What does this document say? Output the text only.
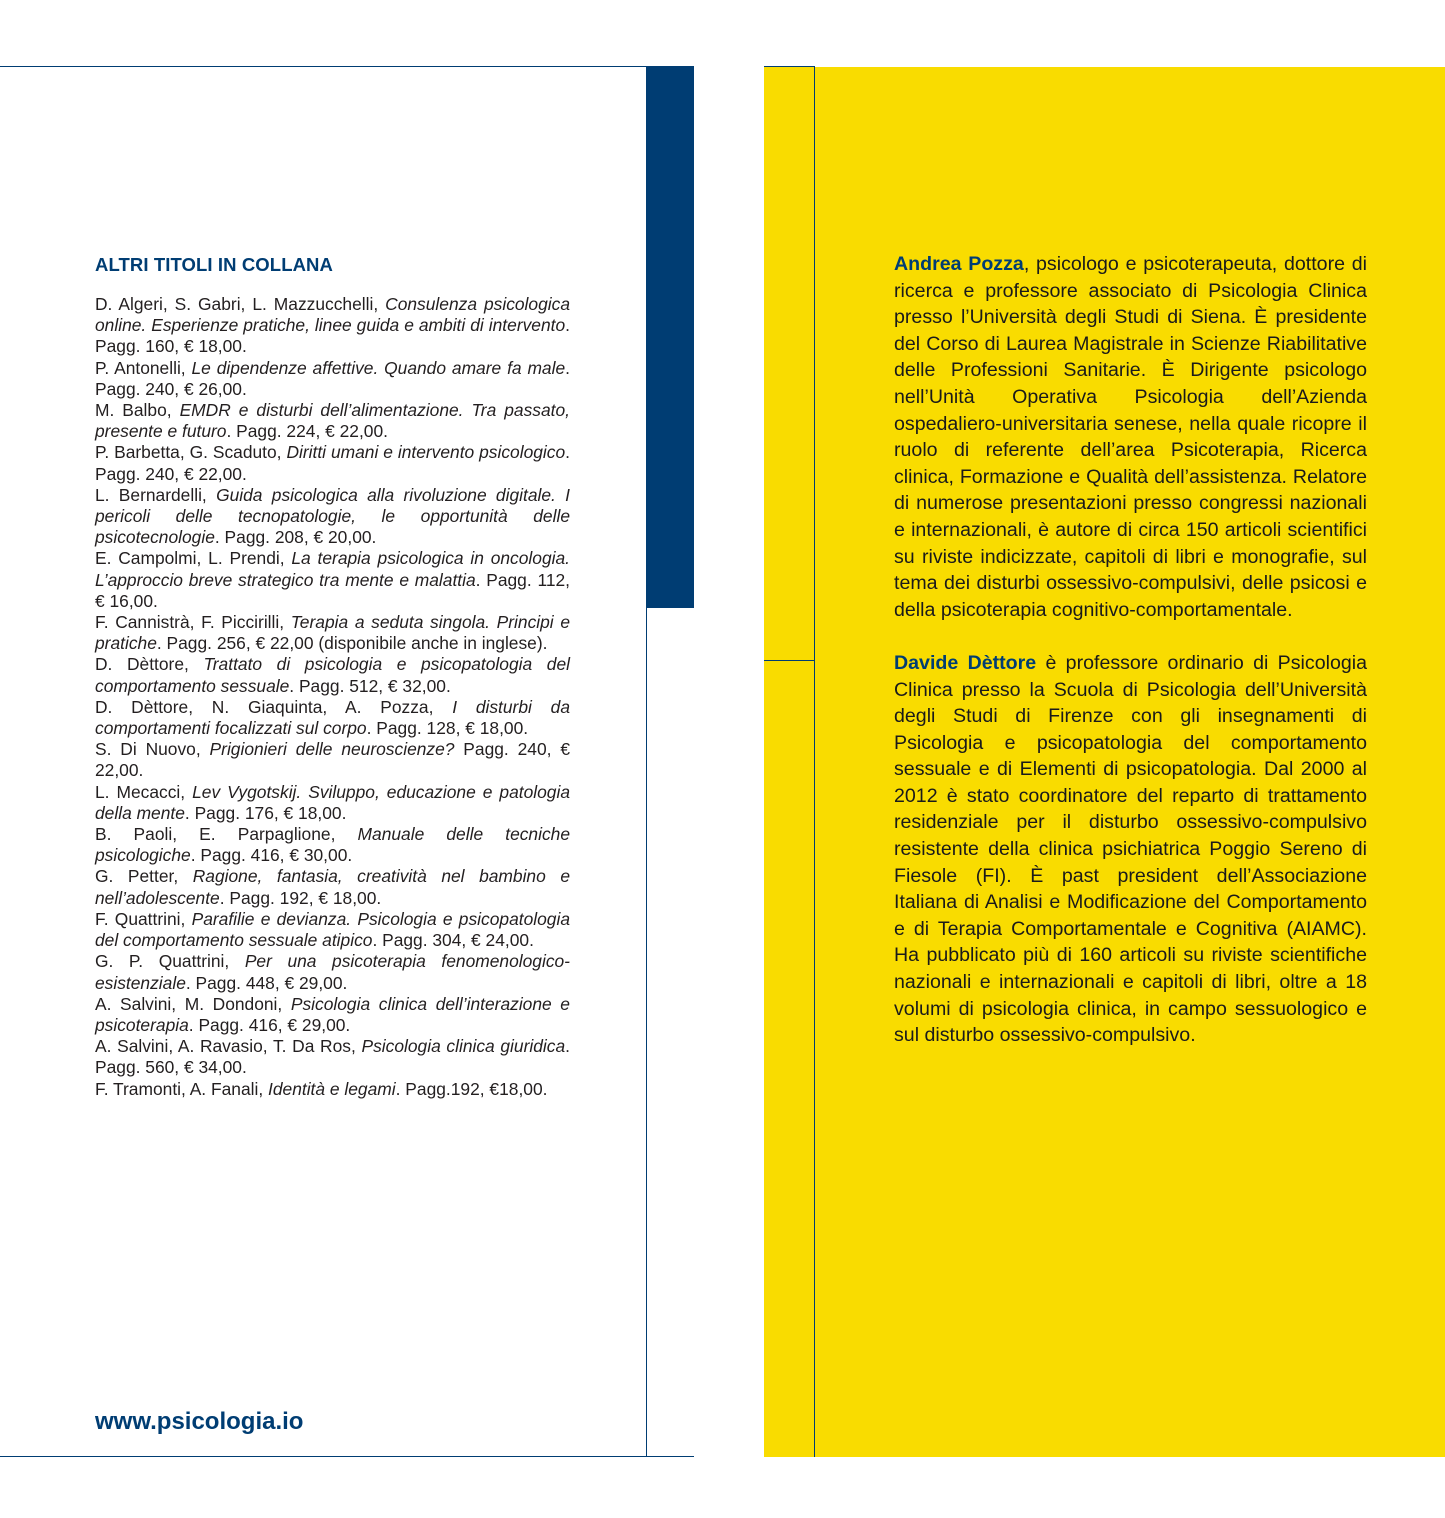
ALTRI TITOLI IN COLLANA

D. Algeri, S. Gabri, L. Mazzucchelli, Consulenza psicologica online. Esperienze pratiche, linee guida e ambiti di intervento. Pagg. 160, € 18,00.

P. Antonelli, Le dipendenze affettive. Quando amare fa male. Pagg. 240, € 26,00.

M. Balbo, EMDR e disturbi dell’alimentazione. Tra passato, presente e futuro. Pagg. 224, € 22,00.

P. Barbetta, G. Scaduto, Diritti umani e intervento psicologico. Pagg. 240, € 22,00.

L. Bernardelli, Guida psicologica alla rivoluzione digitale. I pericoli delle tecnopatologie, le opportunità delle psicotecnologie. Pagg. 208, € 20,00.

E. Campolmi, L. Prendi, La terapia psicologica in oncologia. L’approccio breve strategico tra mente e malattia. Pagg. 112, € 16,00.

F. Cannistrà, F. Piccirilli, Terapia a seduta singola. Principi e pratiche. Pagg. 256, € 22,00 (disponibile anche in inglese).

D. Dèttore, Trattato di psicologia e psicopatologia del comportamento sessuale. Pagg. 512, € 32,00.

D. Dèttore, N. Giaquinta, A. Pozza, I disturbi da comportamenti focalizzati sul corpo. Pagg. 128, € 18,00.

S. Di Nuovo, Prigionieri delle neuroscienze? Pagg. 240, € 22,00.

L. Mecacci, Lev Vygotskij. Sviluppo, educazione e patologia della mente. Pagg. 176, € 18,00.

B. Paoli, E. Parpaglione, Manuale delle tecniche psicologiche. Pagg. 416, € 30,00.

G. Petter, Ragione, fantasia, creatività nel bambino e nell’adolescente. Pagg. 192, € 18,00.

F. Quattrini, Parafilie e devianza. Psicologia e psicopatologia del comportamento sessuale atipico. Pagg. 304, € 24,00.

G. P. Quattrini, Per una psicoterapia fenomenologico-esistenziale. Pagg. 448, € 29,00.

A. Salvini, M. Dondoni, Psicologia clinica dell’interazione e psicoterapia. Pagg. 416, € 29,00.

A. Salvini, A. Ravasio, T. Da Ros, Psicologia clinica giuridica. Pagg. 560, € 34,00.

F. Tramonti, A. Fanali, Identità e legami. Pagg.192, €18,00.

www.psicologia.io

Andrea Pozza, psicologo e psicoterapeuta, dottore di ricerca e professore associato di Psicologia Clinica presso l’Università degli Studi di Siena. È presidente del Corso di Laurea Magistrale in Scienze Riabilitative delle Professioni Sanitarie. È Dirigente psicologo nell’Unità Operativa Psicologia dell’Azienda ospedaliero-universitaria senese, nella quale ricopre il ruolo di referente dell’area Psicoterapia, Ricerca clinica, Formazione e Qualità dell’assistenza. Relatore di numerose presentazioni presso congressi nazionali e internazionali, è autore di circa 150 articoli scientifici su riviste indicizzate, capitoli di libri e monografie, sul tema dei disturbi ossessivo-compulsivi, delle psicosi e della psicoterapia cognitivo-comportamentale.

Davide Dèttore è professore ordinario di Psicologia Clinica presso la Scuola di Psicologia dell’Università degli Studi di Firenze con gli insegnamenti di Psicologia e psicopatologia del comportamento sessuale e di Elementi di psicopatologia. Dal 2000 al 2012 è stato coordinatore del reparto di trattamento residenziale per il disturbo ossessivo-compulsivo resistente della clinica psichiatrica Poggio Sereno di Fiesole (FI). È past president dell’Associazione Italiana di Analisi e Modificazione del Comportamento e di Terapia Comportamentale e Cognitiva (AIAMC). Ha pubblicato più di 160 articoli su riviste scientifiche nazionali e internazionali e capitoli di libri, oltre a 18 volumi di psicologia clinica, in campo sessuologico e sul disturbo ossessivo-compulsivo.
